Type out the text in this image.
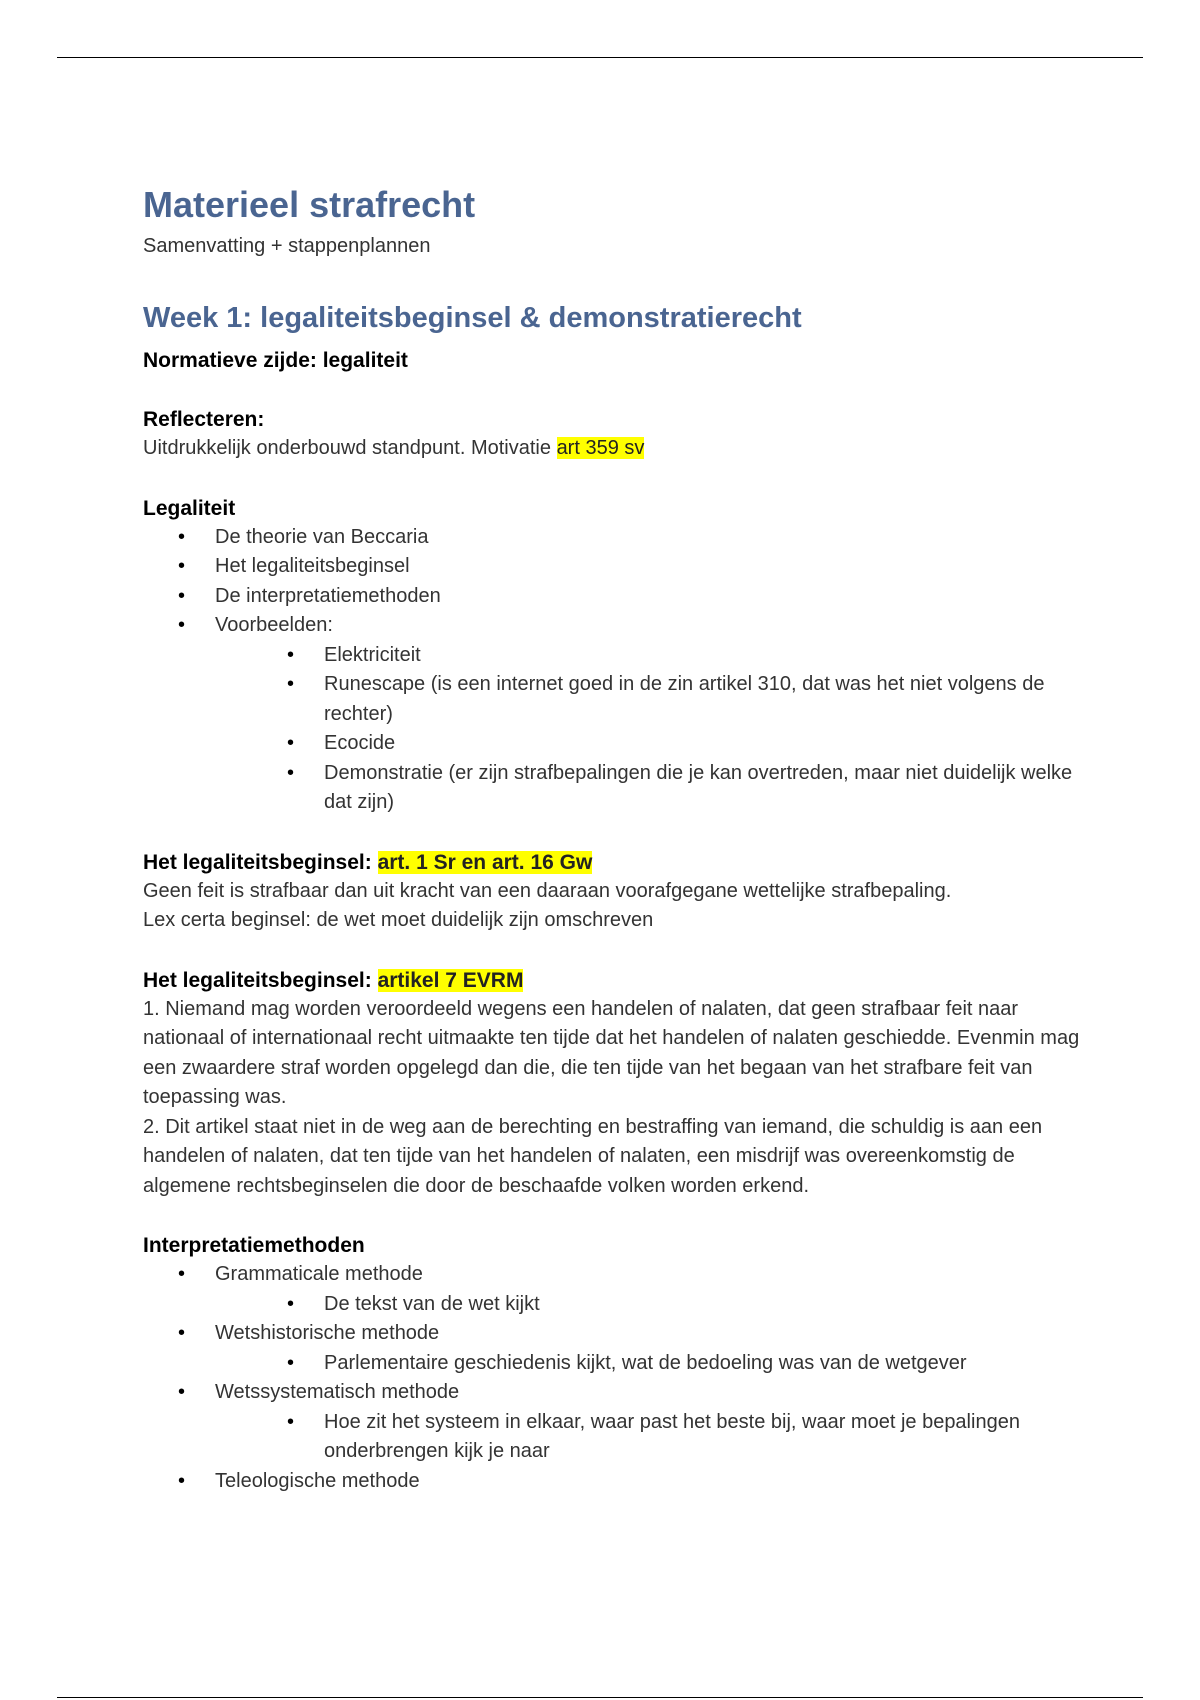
Materieel strafrecht

Samenvatting + stappenplannen

Week 1: legaliteitsbeginsel & demonstratierecht

Normatieve zijde: legaliteit

Reflecteren:

Uitdrukkelijk onderbouwd standpunt. Motivatie art 359 sv

Legaliteit

• De theorie van Beccaria
• Het legaliteitsbeginsel
• De interpretatiemethoden
• Voorbeelden:
• Elektriciteit
• Runescape (is een internet goed in de zin artikel 310, dat was het niet volgens de rechter)
• Ecocide
• Demonstratie (er zijn strafbepalingen die je kan overtreden, maar niet duidelijk welke dat zijn)

Het legaliteitsbeginsel: art. 1 Sr en art. 16 Gw

Geen feit is strafbaar dan uit kracht van een daaraan voorafgegane wettelijke strafbepaling.

Lex certa beginsel: de wet moet duidelijk zijn omschreven

Het legaliteitsbeginsel: artikel 7 EVRM

1. Niemand mag worden veroordeeld wegens een handelen of nalaten, dat geen strafbaar feit naar nationaal of internationaal recht uitmaakte ten tijde dat het handelen of nalaten geschiedde. Evenmin mag een zwaardere straf worden opgelegd dan die, die ten tijde van het begaan van het strafbare feit van toepassing was.

2. Dit artikel staat niet in de weg aan de berechting en bestraffing van iemand, die schuldig is aan een handelen of nalaten, dat ten tijde van het handelen of nalaten, een misdrijf was overeenkomstig de algemene rechtsbeginselen die door de beschaafde volken worden erkend.

Interpretatiemethoden

• Grammaticale methode
• De tekst van de wet kijkt
• Wetshistorische methode
• Parlementaire geschiedenis kijkt, wat de bedoeling was van de wetgever
• Wetssystematisch methode
• Hoe zit het systeem in elkaar, waar past het beste bij, waar moet je bepalingen onderbrengen kijk je naar
• Teleologische methode
